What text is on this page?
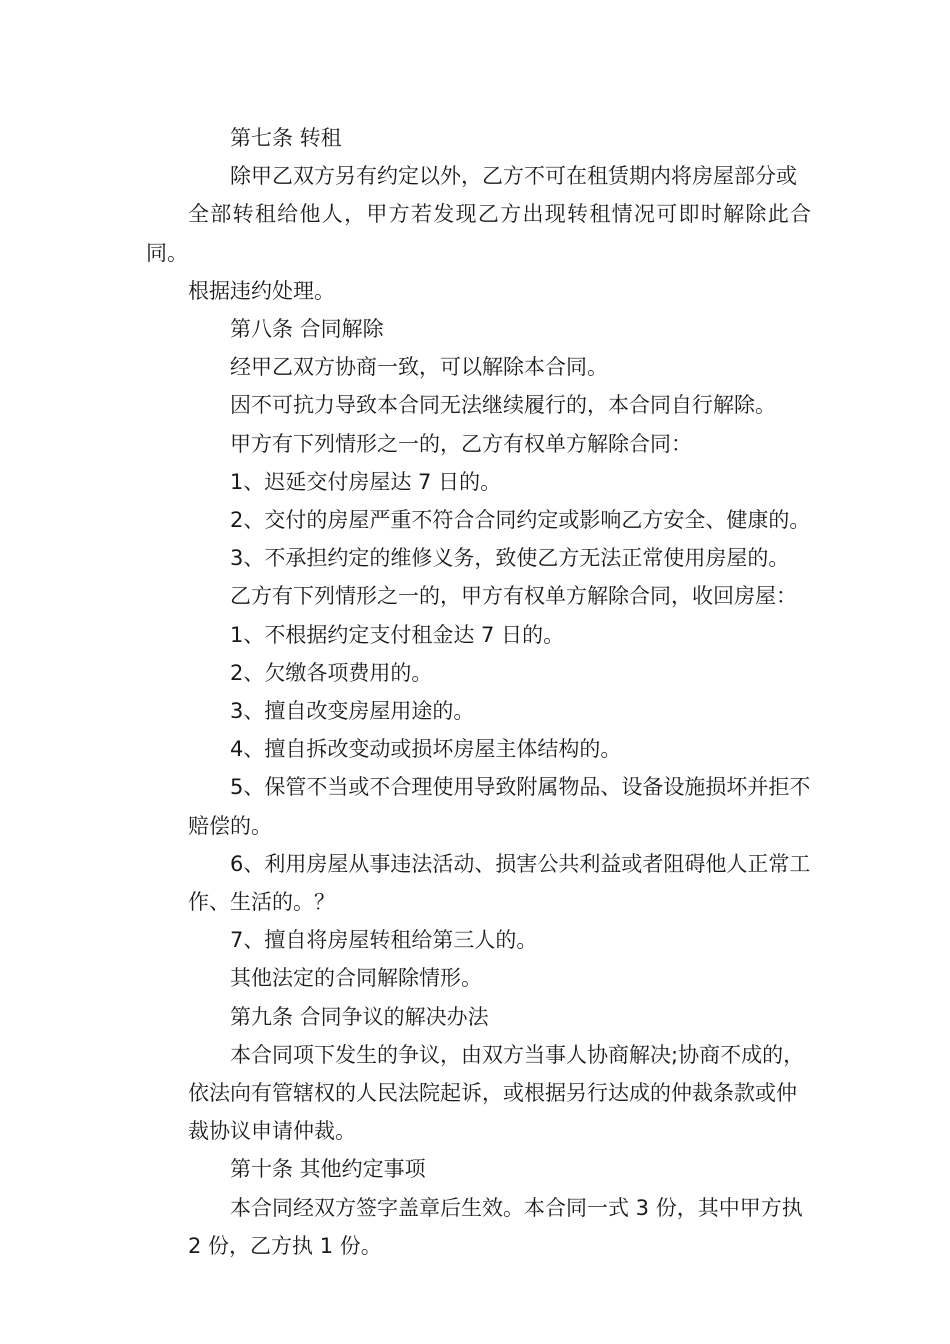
第七条 转租
除甲乙双方另有约定以外，乙方不可在租赁期内将房屋部分或
全部转租给他人，甲方若发现乙方出现转租情况可即时解除此合同。
根据违约处理。
第八条 合同解除
经甲乙双方协商一致，可以解除本合同。
因不可抗力导致本合同无法继续履行的，本合同自行解除。
甲方有下列情形之一的，乙方有权单方解除合同：
1、迟延交付房屋达 7 日的。
2、交付的房屋严重不符合合同约定或影响乙方安全、健康的。
3、不承担约定的维修义务，致使乙方无法正常使用房屋的。
乙方有下列情形之一的，甲方有权单方解除合同，收回房屋：
1、不根据约定支付租金达 7 日的。
2、欠缴各项费用的。
3、擅自改变房屋用途的。
4、擅自拆改变动或损坏房屋主体结构的。
5、保管不当或不合理使用导致附属物品、设备设施损坏并拒不
赔偿的。
6、利用房屋从事违法活动、损害公共利益或者阻碍他人正常工
作、生活的。？
7、擅自将房屋转租给第三人的。
其他法定的合同解除情形。
第九条 合同争议的解决办法
本合同项下发生的争议，由双方当事人协商解决;协商不成的，
依法向有管辖权的人民法院起诉，或根据另行达成的仲裁条款或仲
裁协议申请仲裁。
第十条 其他约定事项
本合同经双方签字盖章后生效。本合同一式 3 份，其中甲方执
2 份，乙方执 1 份。
